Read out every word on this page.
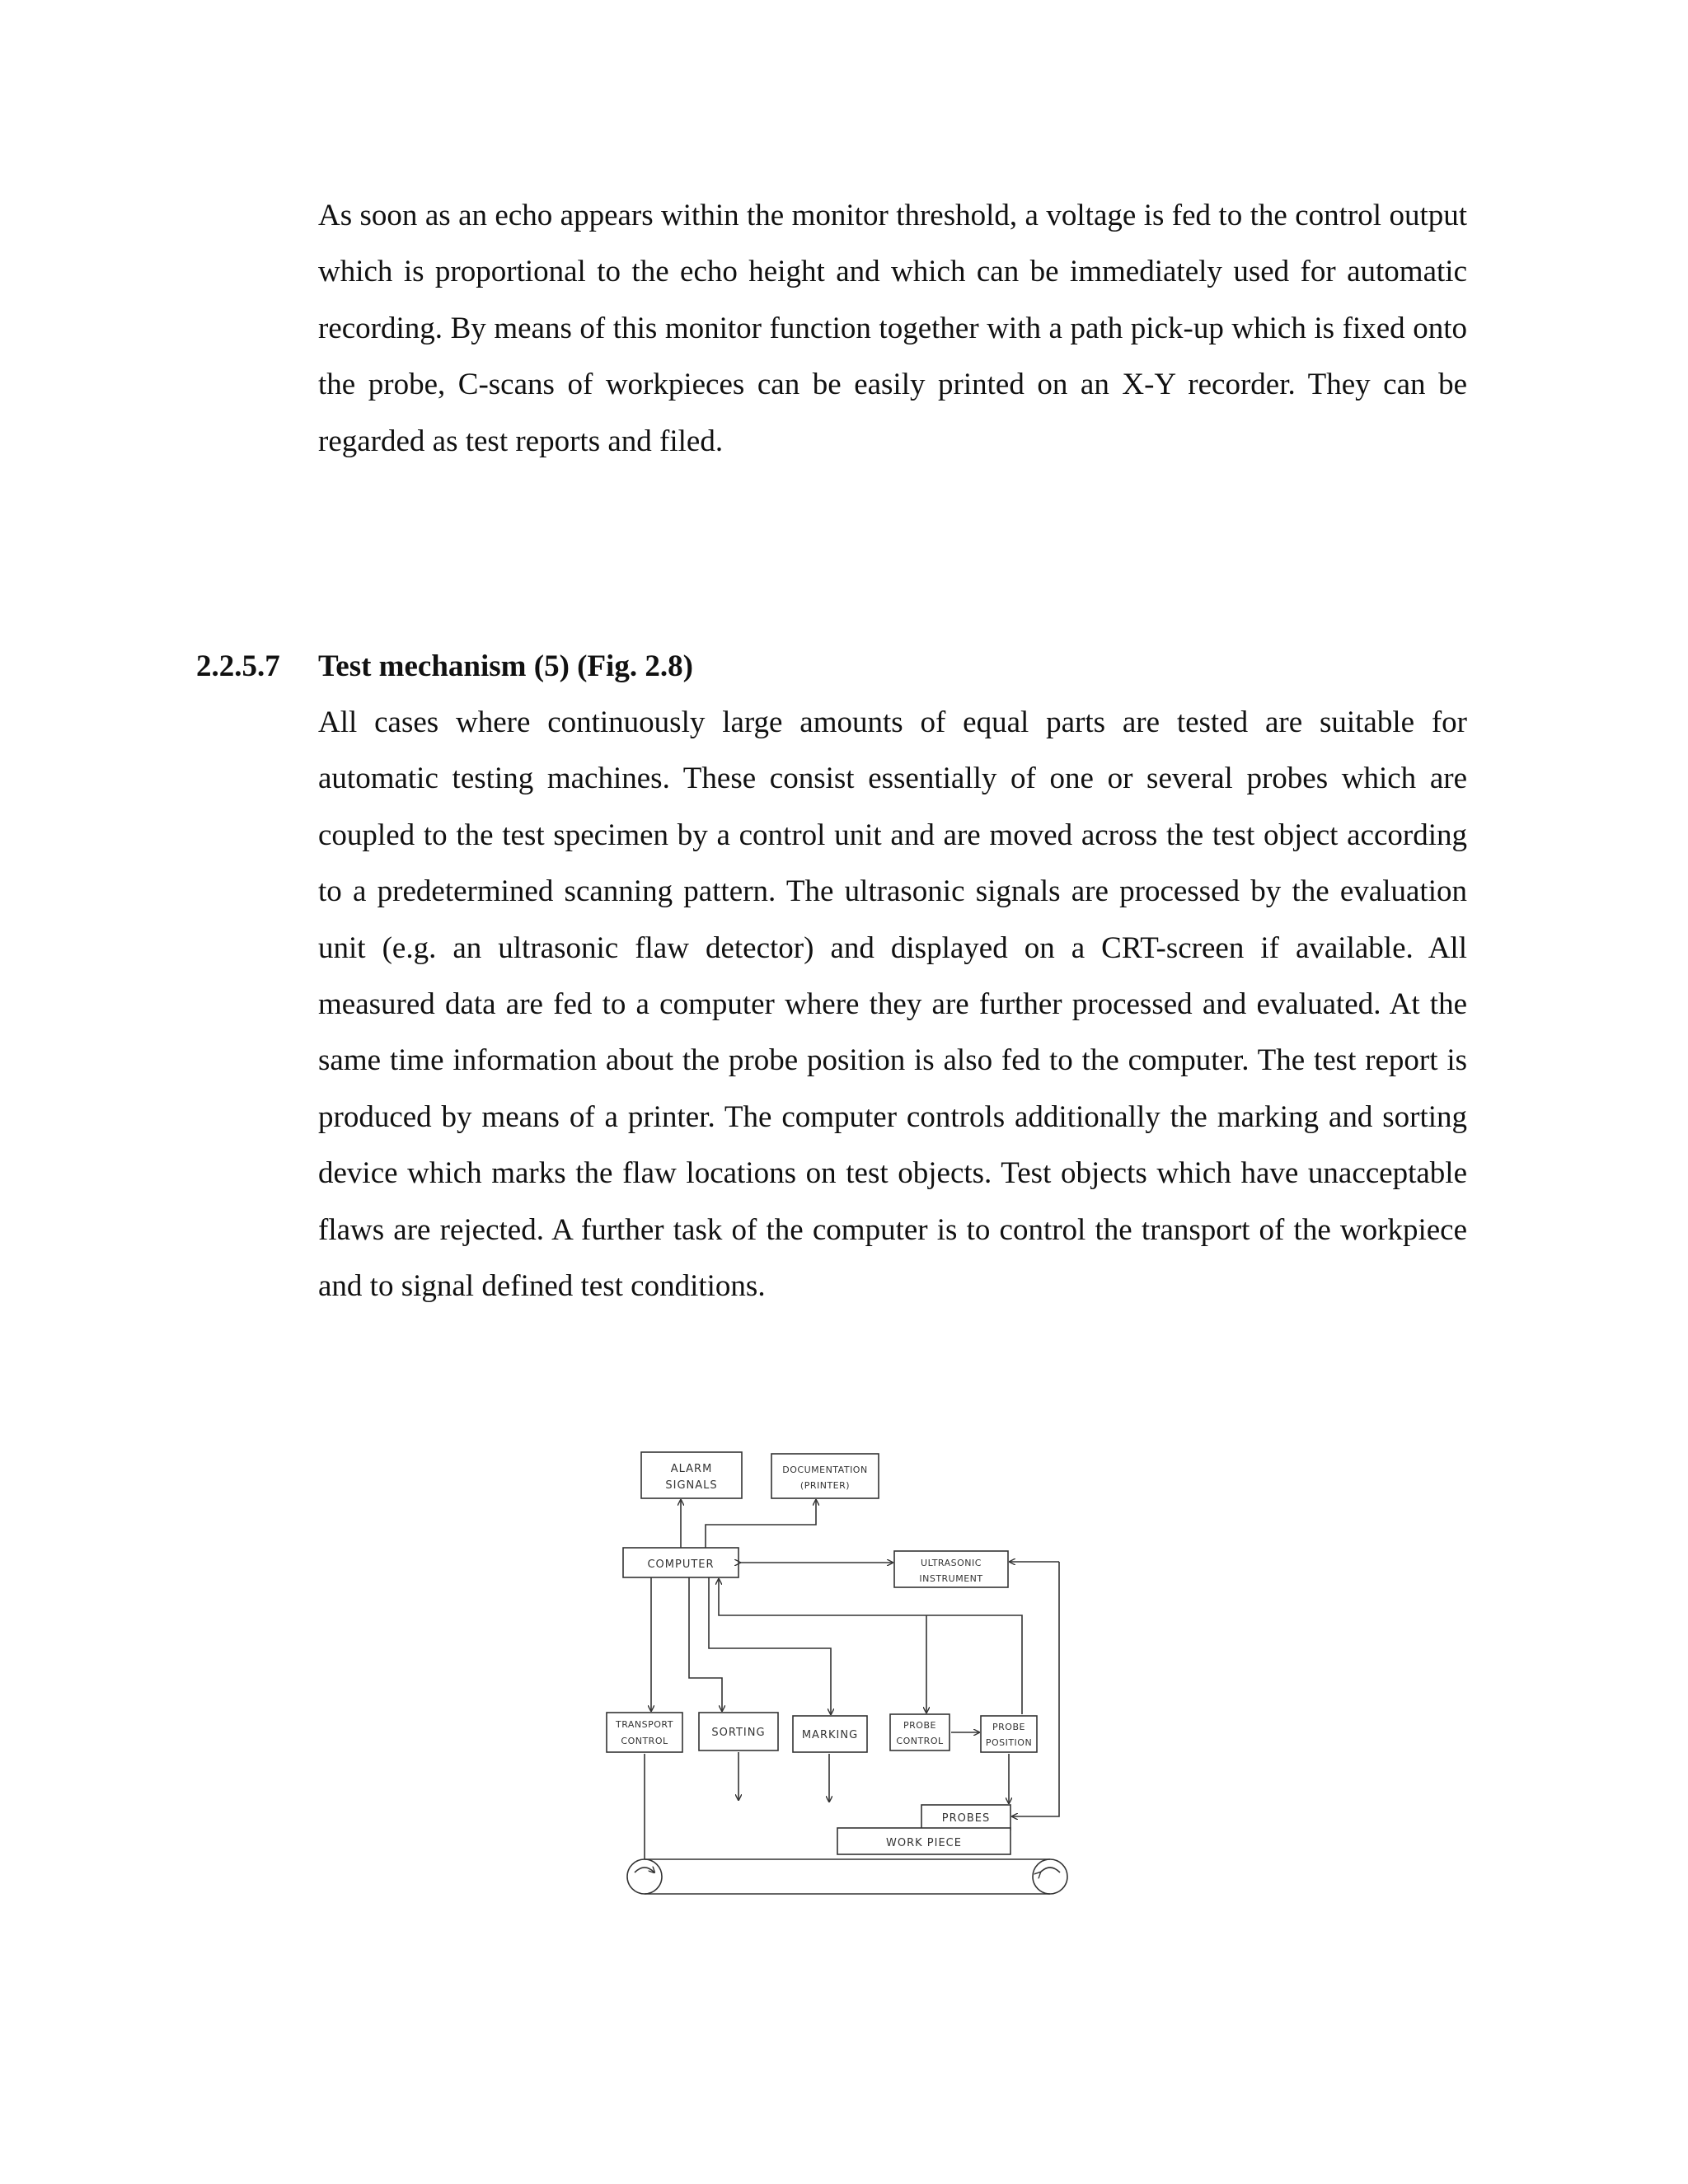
As soon as an echo appears within the monitor threshold, a voltage is fed to the control output which is proportional to the echo height and which can be immediately used for automatic recording. By means of this monitor function together with a path pick-up which is fixed onto the probe, C-scans of workpieces can be easily printed on an X-Y recorder. They can be regarded as test reports and filed.

2.2.5.7 Test mechanism (5) (Fig. 2.8)

All cases where continuously large amounts of equal parts are tested are suitable for automatic testing machines. These consist essentially of one or several probes which are coupled to the test specimen by a control unit and are moved across the test object according to a predetermined scanning pattern. The ultrasonic signals are processed by the evaluation unit (e.g. an ultrasonic flaw detector) and displayed on a CRT-screen if available. All measured data are fed to a computer where they are further processed and evaluated. At the same time information about the probe position is also fed to the computer. The test report is produced by means of a printer. The computer controls additionally the marking and sorting device which marks the flaw locations on test objects. Test objects which have unacceptable flaws are rejected. A further task of the computer is to control the transport of the workpiece and to signal defined test conditions.

ALARM
SIGNALS
DOCUMENTATION
(PRINTER)
COMPUTER	ULTRASONIC
INSTRUMENT
TRANSPORT
CONTROL
SORTING	MARKING
PROBE
CONTROL
PROBE
POSITION
PROBES
WORK PIECE
